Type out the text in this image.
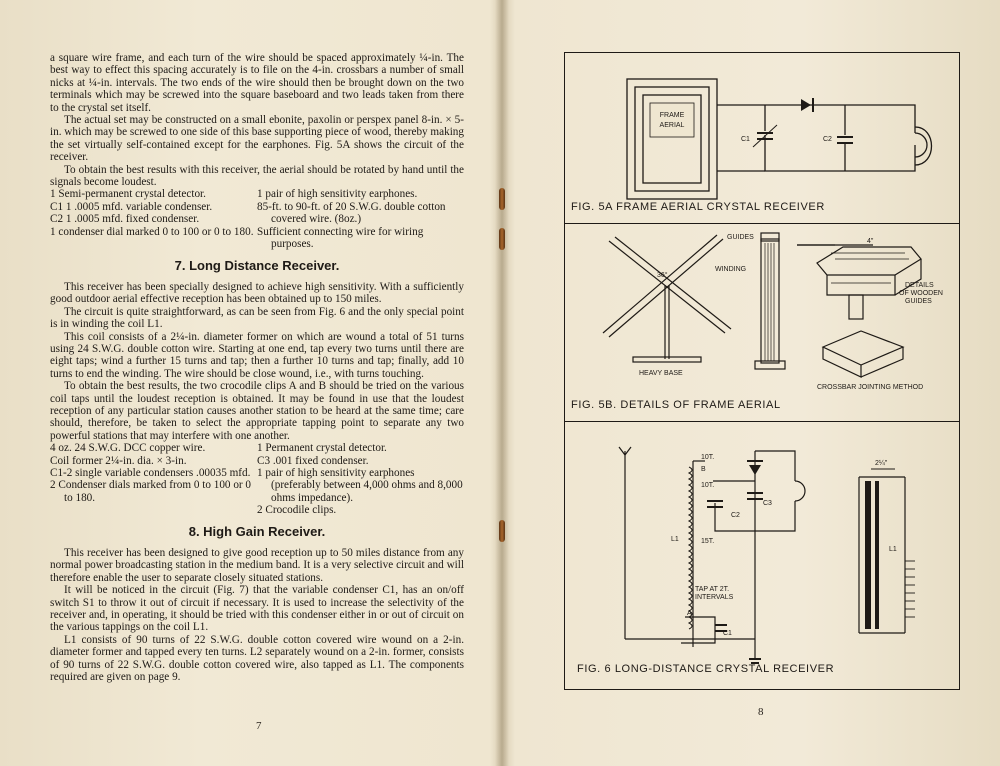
a square wire frame, and each turn of the wire should be spaced approximately ¼-in. The best way to effect this spacing accurately is to file on the 4-in. crossbars a number of small nicks at ¼-in. intervals. The two ends of the wire should then be brought down on the two terminals which may be screwed into the square baseboard and two leads taken from there to the crystal set itself.

The actual set may be constructed on a small ebonite, paxolin or perspex panel 8-in. × 5-in. which may be screwed to one side of this base supporting piece of wood, thereby making the set virtually self-contained except for the earphones. Fig. 5A shows the circuit of the receiver.

To obtain the best results with this receiver, the aerial should be rotated by hand until the signals become loudest.

1 Semi-permanent crystal detector.
C1 1 .0005 mfd. variable condenser.
C2 1 .0005 mfd. fixed condenser.
1 condenser dial marked 0 to 100 or 0 to 180.
1 pair of high sensitivity earphones.
85-ft. to 90-ft. of 20 S.W.G. double cotton covered wire. (8oz.)
Sufficient connecting wire for wiring purposes.
7. Long Distance Receiver.

This receiver has been specially designed to achieve high sensitivity. With a sufficiently good outdoor aerial effective reception has been obtained up to 150 miles.

The circuit is quite straightforward, as can be seen from Fig. 6 and the only special point is in winding the coil L1.

This coil consists of a 2¼-in. diameter former on which are wound a total of 51 turns using 24 S.W.G. double cotton wire. Starting at one end, tap every two turns until there are eight taps; wind a further 15 turns and tap; then a further 10 turns and tap; finally, add 10 turns to end the winding. The wire should be close wound, i.e., with turns touching.

To obtain the best results, the two crocodile clips A and B should be tried on the various coil taps until the loudest reception is obtained. It may be found in use that the loudest reception of any particular station causes another station to be heard at the same time; care should, therefore, be taken to select the appropriate tapping point to separate any two powerful stations that may interfere with one another.

4 oz. 24 S.W.G. DCC copper wire.
Coil former 2¼-in. dia. × 3-in.
C1-2 single variable condensers .00035 mfd.
2 Condenser dials marked from 0 to 100 or 0 to 180.
1 Permanent crystal detector.
C3 .001 fixed condenser.
1 pair of high sensitivity earphones (preferably between 4,000 ohms and 8,000 ohms impedance).
2 Crocodile clips.
8. High Gain Receiver.

This receiver has been designed to give good reception up to 50 miles distance from any normal power broadcasting station in the medium band. It is a very selective circuit and will therefore enable the user to separate closely situated stations.

It will be noticed in the circuit (Fig. 7) that the variable condenser C1, has an on/off switch S1 to throw it out of circuit if necessary. It is used to increase the selectivity of the receiver and, in operating, it should be tried with this condenser either in or out of circuit on the various tappings on the coil L1.

L1 consists of 90 turns of 22 S.W.G. double cotton covered wire wound on a 2-in. diameter former and tapped every ten turns. L2 separately wound on a 2-in. former, consists of 90 turns of 22 S.W.G. double cotton covered wire, also tapped as L1. The components required are given on page 9.

7
FRAME
AERIAL
C1	C2
FIG. 5A FRAME AERIAL CRYSTAL RECEIVER
GUIDES
WINDING
36°
HEAVY BASE
4"
DETAILS
OF WOODEN
GUIDES
CROSSBAR JOINTING METHOD
FIG. 5B. DETAILS OF FRAME AERIAL
10T.
B
10T.
L1	15T.
TAP AT 2T.
INTERVALS
A
C1
C2
C3
2¼"
L1
FIG. 6 LONG-DISTANCE CRYSTAL RECEIVER
8
